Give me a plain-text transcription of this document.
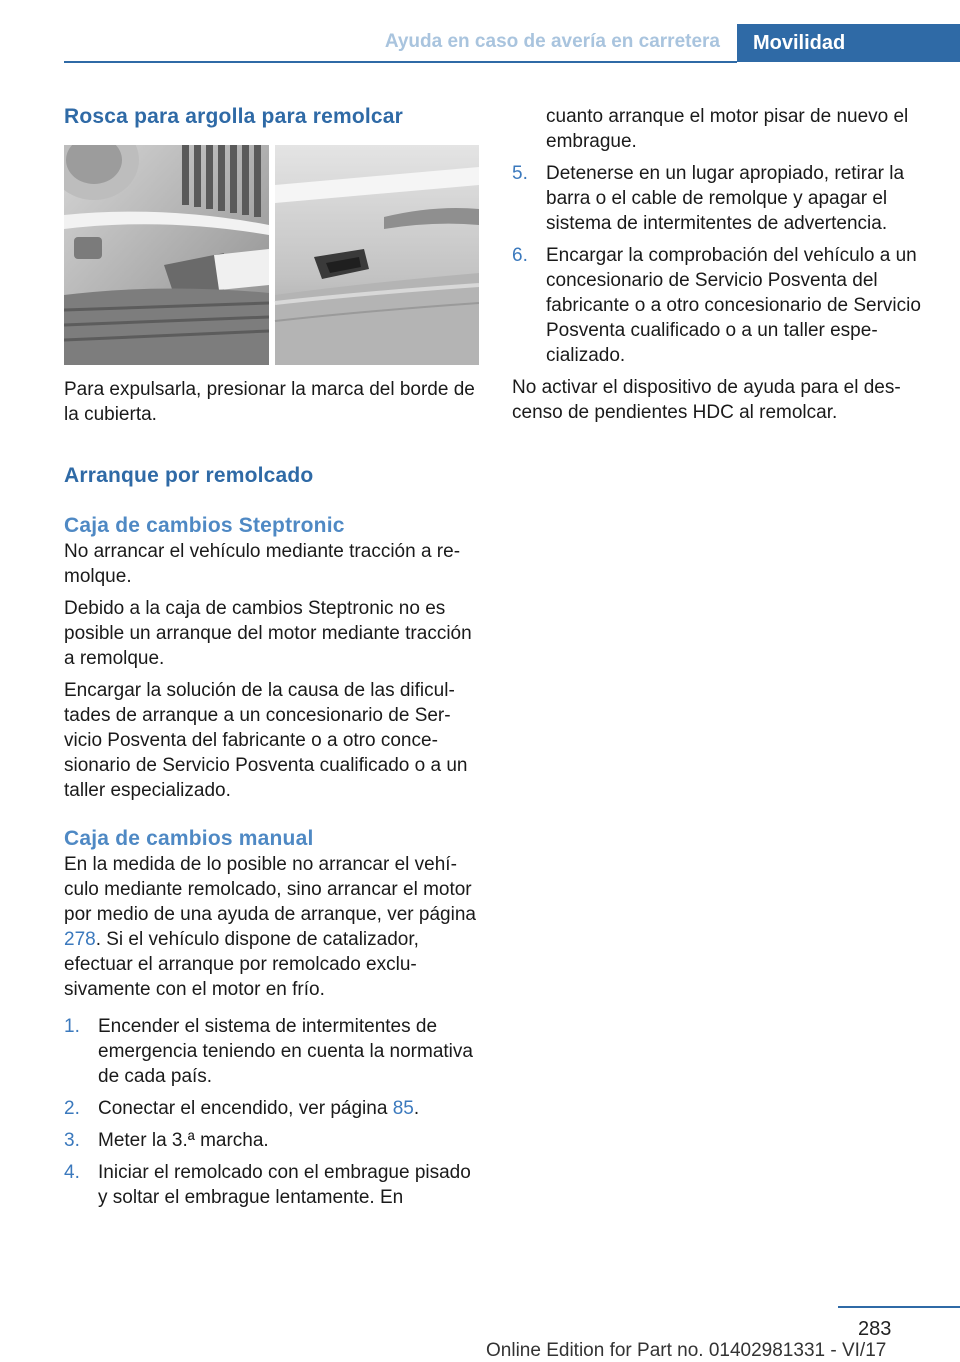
Ayuda en caso de avería en carretera	Movilidad
Rosca para argolla para remolcar

Para expulsarla, presionar la marca del borde de la cubierta.

Arranque por remolcado
Caja de cambios Steptronic

No arrancar el vehículo mediante tracción a remolque.

Debido a la caja de cambios Steptronic no es posible un arranque del motor mediante tracción a remolque.

Encargar la solución de la causa de las dificultades de arranque a un concesionario de Servicio Posventa del fabricante o a otro concesionario de Servicio Posventa cualificado o a un taller especializado.

Caja de cambios manual

En la medida de lo posible no arrancar el vehículo mediante remolcado, sino arrancar el motor por medio de una ayuda de arranque, ver página 278. Si el vehículo dispone de catalizador, efectuar el arranque por remolcado exclusivamente con el motor en frío.

1. Encender el sistema de intermitentes de emergencia teniendo en cuenta la normativa de cada país.
2. Conectar el encendido, ver página 85.
3. Meter la 3.ª marcha.
4. Iniciar el remolcado con el embrague pisado y soltar el embrague lentamente. En
cuanto arranque el motor pisar de nuevo el embrague.
5. Detenerse en un lugar apropiado, retirar la barra o el cable de remolque y apagar el sistema de intermitentes de advertencia.
6. Encargar la comprobación del vehículo a un concesionario de Servicio Posventa del fabricante o a otro concesionario de Servicio Posventa cualificado o a un taller especializado.

No activar el dispositivo de ayuda para el descenso de pendientes HDC al remolcar.

283
Online Edition for Part no. 01402981331 - VI/17
